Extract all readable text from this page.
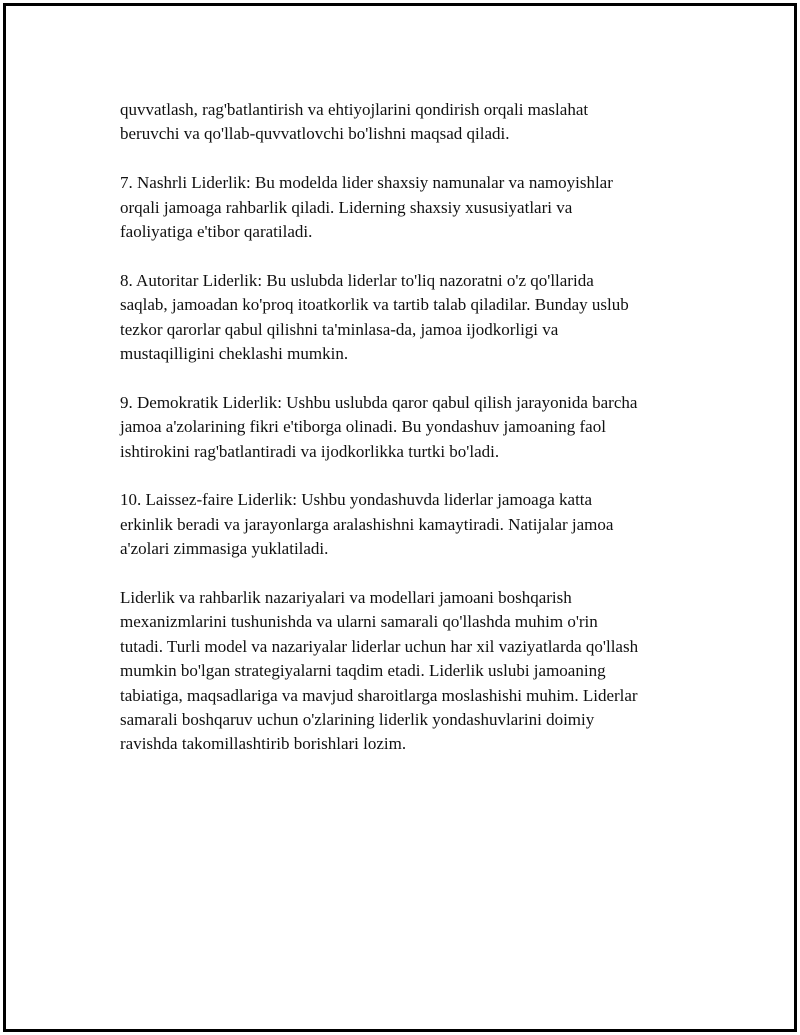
quvvatlash, rag'batlantirish va ehtiyojlarini qondirish orqali maslahat
beruvchi va qo'llab-quvvatlovchi bo'lishni maqsad qiladi.

7. Nashrli Liderlik: Bu modelda lider shaxsiy namunalar va namoyishlar
orqali jamoaga rahbarlik qiladi. Liderning shaxsiy xususiyatlari va
faoliyatiga e'tibor qaratiladi.

8. Autoritar Liderlik: Bu uslubda liderlar to'liq nazoratni o'z qo'llarida
saqlab, jamoadan ko'proq itoatkorlik va tartib talab qiladilar. Bunday uslub
tezkor qarorlar qabul qilishni ta'minlasa-da, jamoa ijodkorligi va
mustaqilligini cheklashi mumkin.

9. Demokratik Liderlik: Ushbu uslubda qaror qabul qilish jarayonida barcha
jamoa a'zolarining fikri e'tiborga olinadi. Bu yondashuv jamoaning faol
ishtirokini rag'batlantiradi va ijodkorlikka turtki bo'ladi.

10. Laissez-faire Liderlik: Ushbu yondashuvda liderlar jamoaga katta
erkinlik beradi va jarayonlarga aralashishni kamaytiradi. Natijalar jamoa
a'zolari zimmasiga yuklatiladi.

Liderlik va rahbarlik nazariyalari va modellari jamoani boshqarish
mexanizmlarini tushunishda va ularni samarali qo'llashda muhim o'rin
tutadi. Turli model va nazariyalar liderlar uchun har xil vaziyatlarda qo'llash
mumkin bo'lgan strategiyalarni taqdim etadi. Liderlik uslubi jamoaning
tabiatiga, maqsadlariga va mavjud sharoitlarga moslashishi muhim. Liderlar
samarali boshqaruv uchun o'zlarining liderlik yondashuvlarini doimiy
ravishda takomillashtirib borishlari lozim.
